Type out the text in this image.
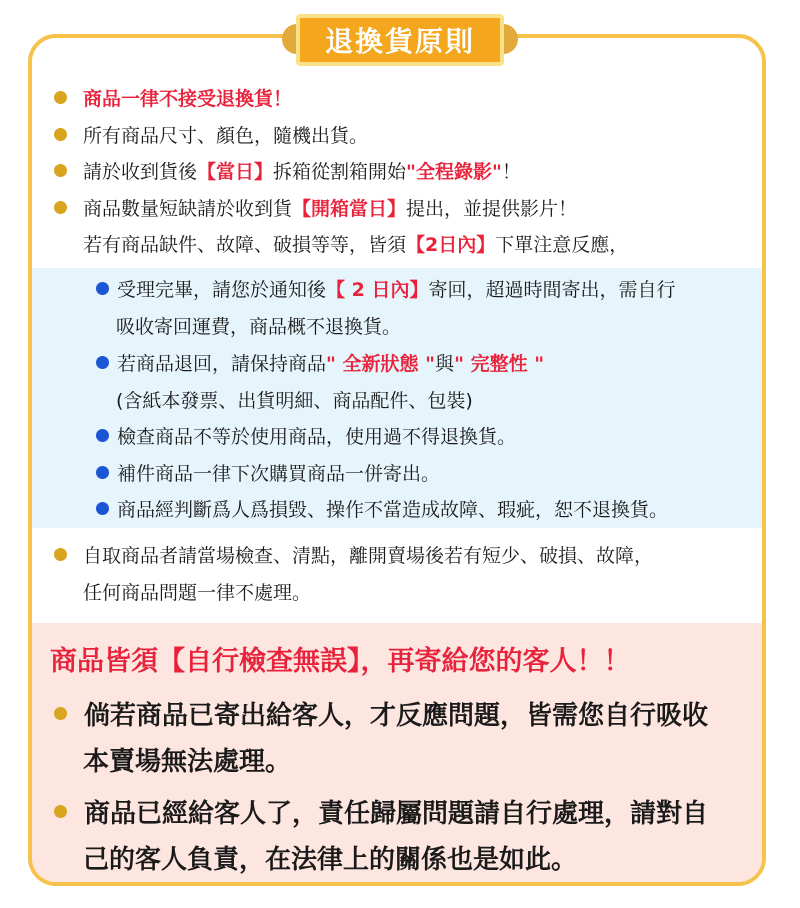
商品一律不接受退換貨！
所有商品尺寸、顏色，隨機出貨。
請於收到貨後 【當日】 拆箱從割箱開始 "全程錄影" ！
商品數量短缺請於收到貨 【開箱當日】 提出，並提供影片！
若有商品缺件、故障、破損等等，皆須 【2日內】 下單注意反應，
受理完畢，請您於通知後 【 2 日內】 寄回，超過時間寄出，需自行
吸收寄回運費，商品概不退換貨。
若商品退回，請保持商品 " 全新狀態 " 與 " 完整性 "
(含紙本發票、出貨明細、商品配件、包裝)
檢查商品不等於使用商品，使用過不得退換貨。
補件商品一律下次購買商品一併寄出。
商品經判斷爲人爲損毀、操作不當造成故障、瑕疵，恕不退換貨。
自取商品者請當場檢查、清點，離開賣場後若有短少、破損、故障，
任何商品問題一律不處理。
商品皆須【自行檢查無誤】，再寄給您的客人！！
倘若商品已寄出給客人，才反應問題，皆需您自行吸收
本賣場無法處理。
商品已經給客人了，責任歸屬問題請自行處理，請對自
己的客人負責，在法律上的關係也是如此。
退換貨原則
